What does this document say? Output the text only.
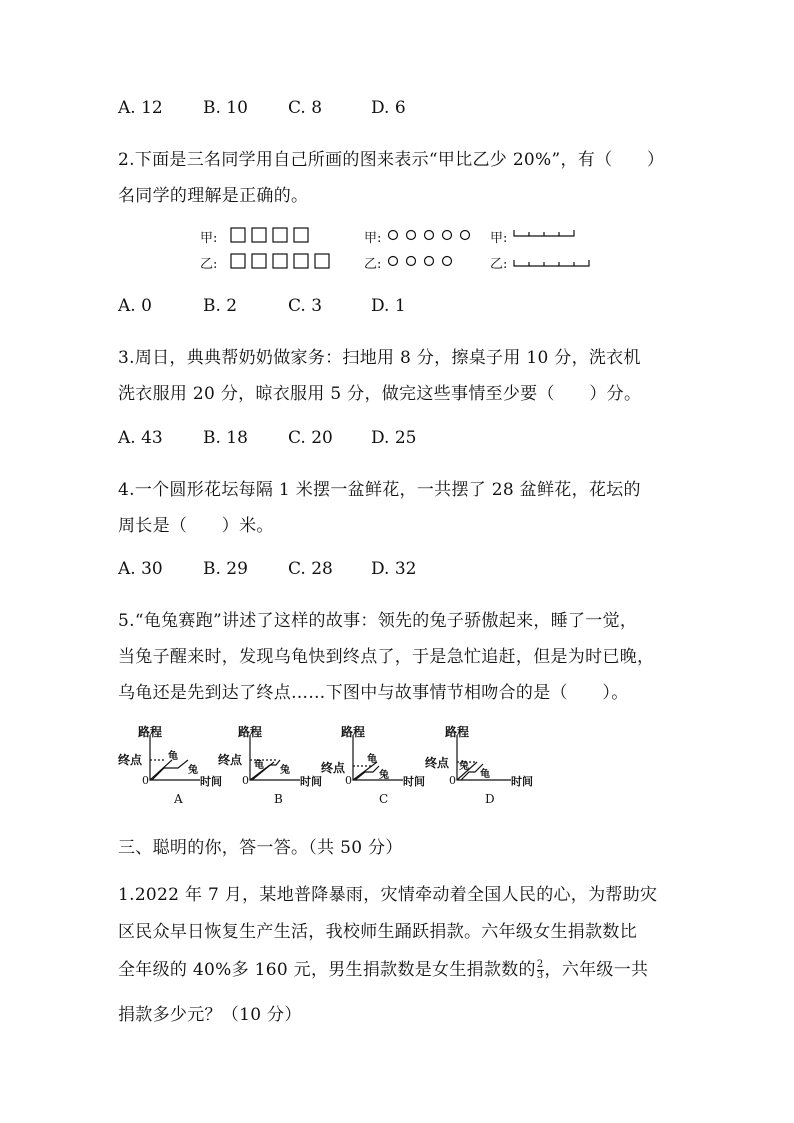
A. 12 B. 10 C. 8	D. 6
2.下面是三名同学用自己所画的图来表示“甲比乙少 20%”，有（　　）
名同学的理解是正确的。
甲:
乙:
甲:
乙:
甲:
乙:
A. 0	B. 2	C. 3	D. 1
3.周日，典典帮奶奶做家务：扫地用 8 分，擦桌子用 10 分，洗衣机
洗衣服用 20 分，晾衣服用 5 分，做完这些事情至少要（　　）分。
A. 43 B. 18 C. 20 D. 25
4.一个圆形花坛每隔 1 米摆一盆鲜花，一共摆了 28 盆鲜花，花坛的
周长是（　　）米。
A. 30 B. 29 C. 28 D. 32
5.“龟兔赛跑”讲述了这样的故事：领先的兔子骄傲起来，睡了一觉，
当兔子醒来时，发现乌龟快到终点了，于是急忙追赶，但是为时已晚，
乌龟还是先到达了终点……下图中与故事情节相吻合的是（　　）。
路程
终点
0	时间
龟
兔
A
路程
终点
0	时间
龟 兔
B
路程
终点
0	时间
龟
兔
C
路程
终点
0	时间
兔
龟
D
三、聪明的你，答一答。（共 50 分）
1.2022 年 7 月，某地普降暴雨，灾情牵动着全国人民的心，为帮助灾
区民众早日恢复生产生活，我校师生踊跃捐款。六年级女生捐款数比
全年级的 40%多 160 元，男生捐款数是女生捐款数的 $\frac{2}{3}$ ，六年级一共
捐款多少元？（10 分）
